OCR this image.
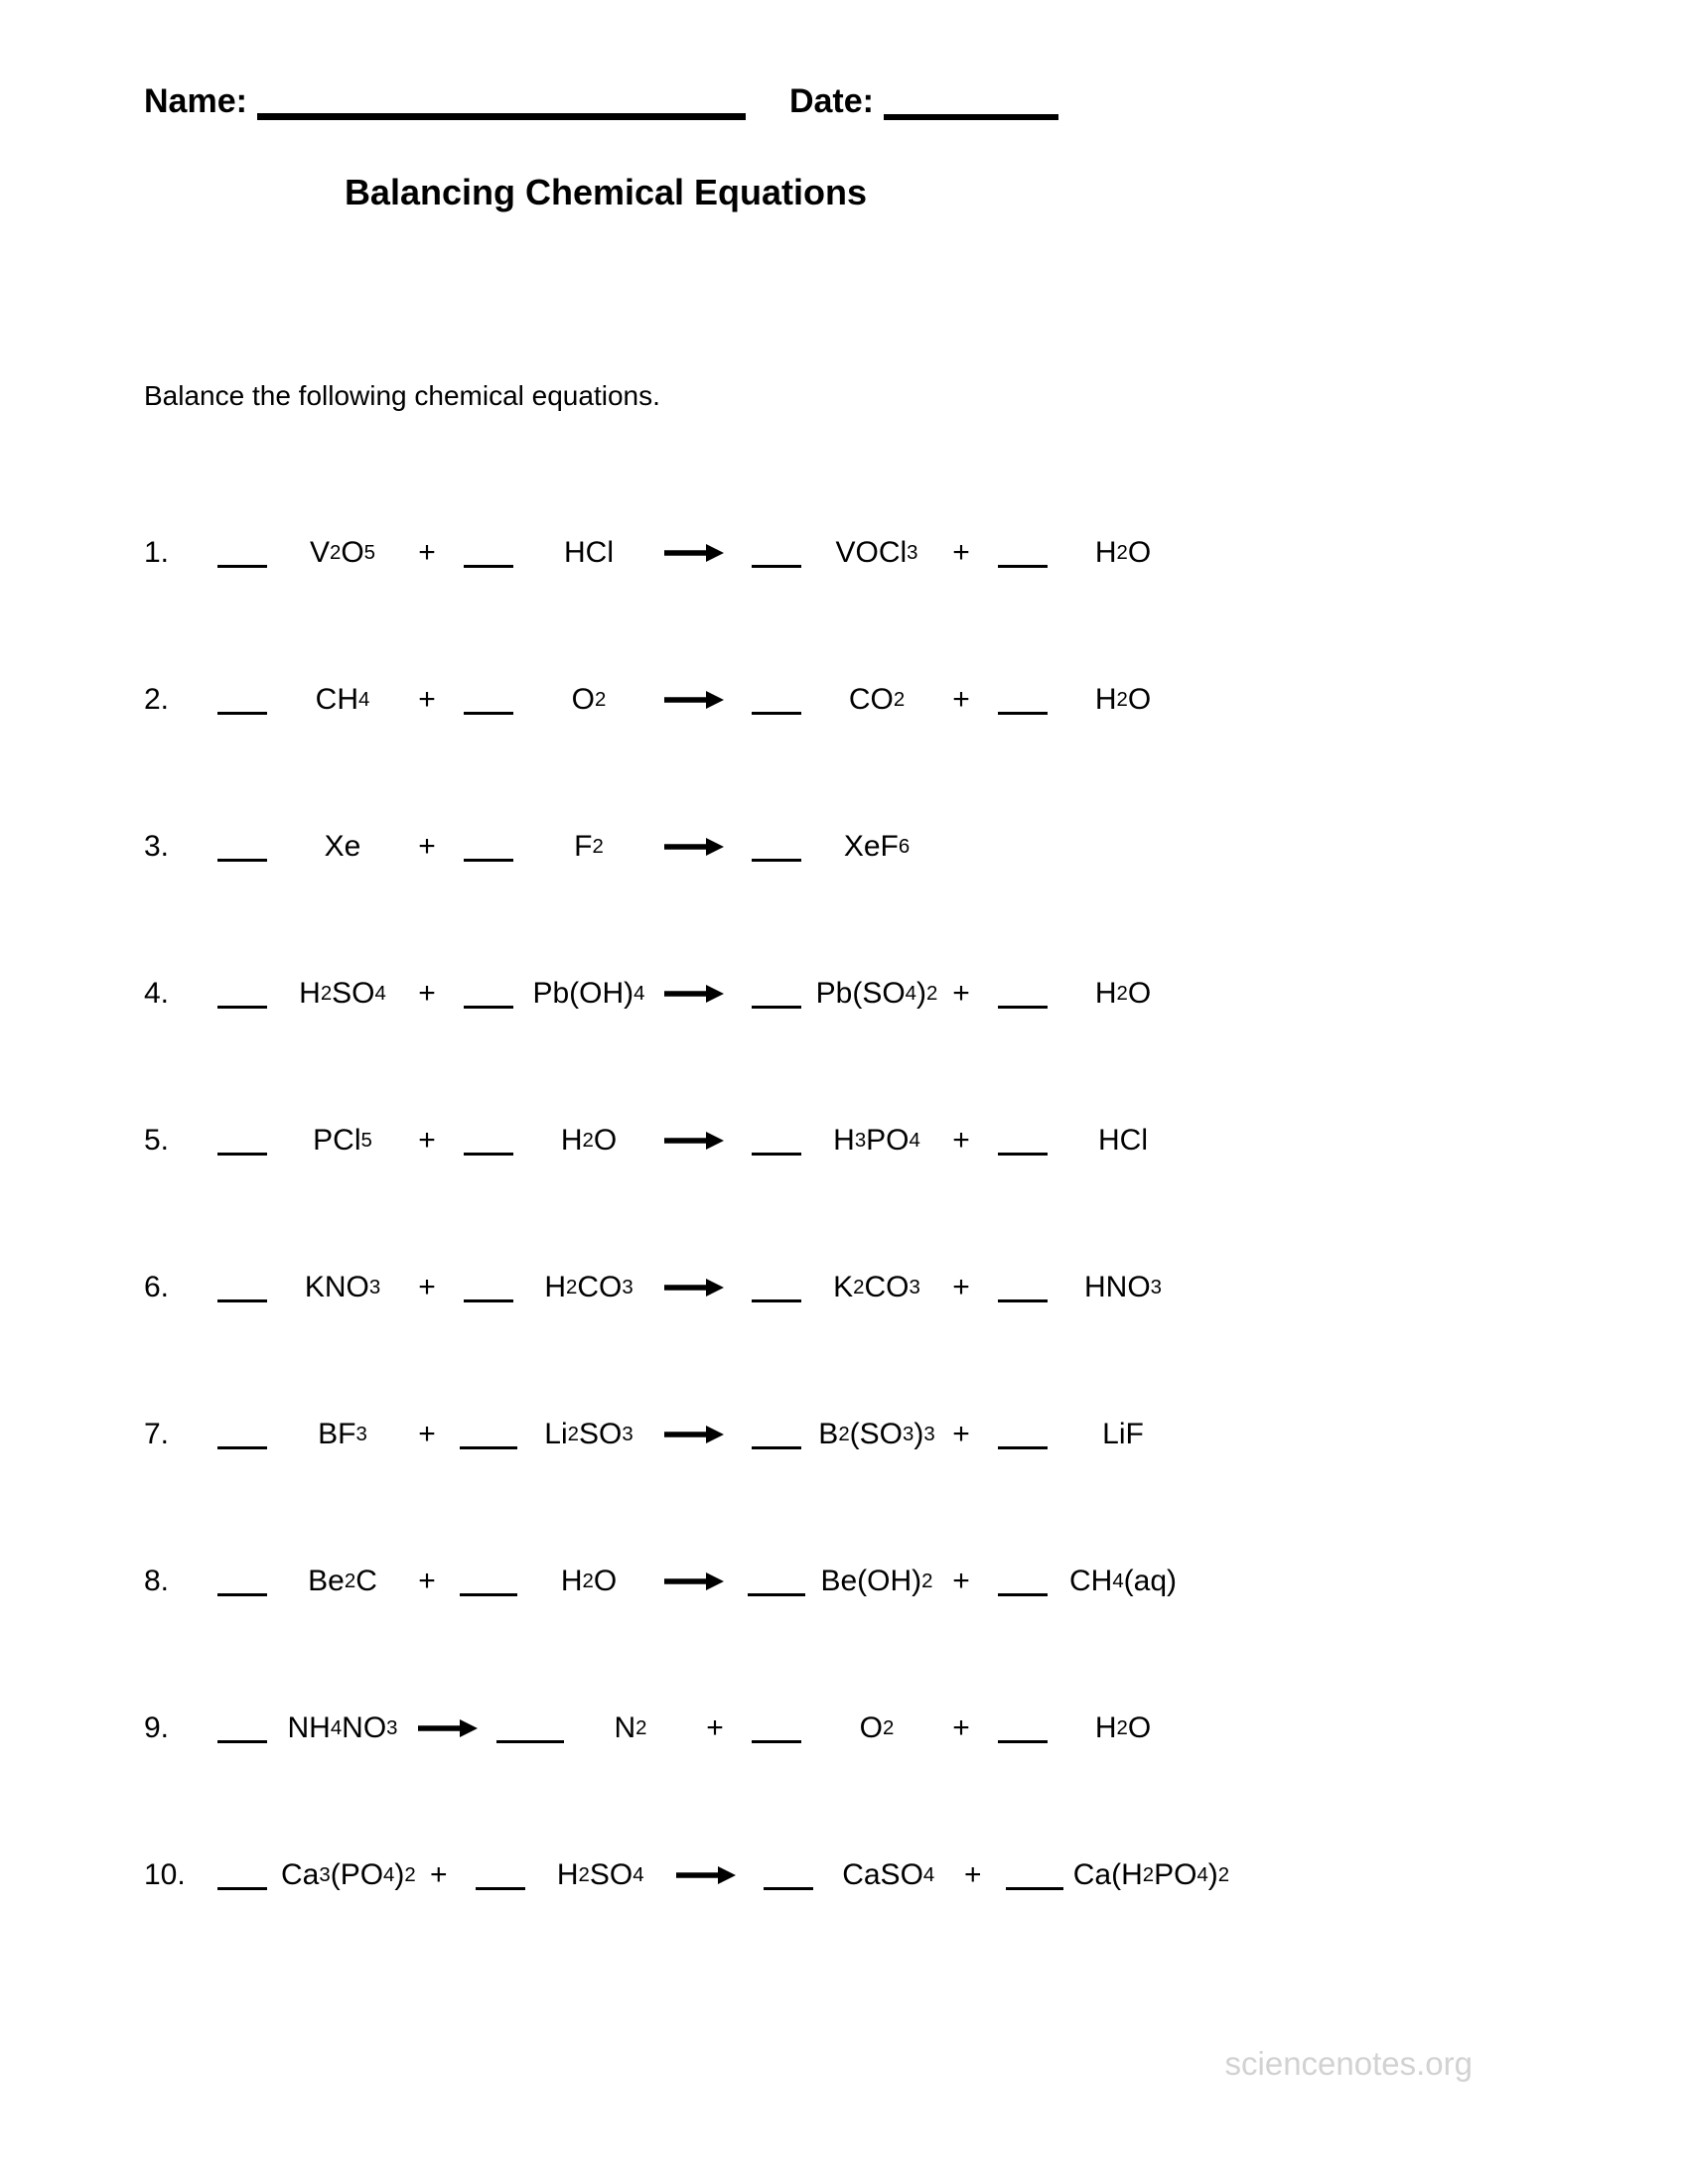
Name:	Date:
Balancing Chemical Equations
Balance the following chemical equations.
1.	V 2 O 5	+	HCl →	VOCl 3	+	H 2 O
2.	CH 4	+	O 2 →	CO 2	+	H 2 O
3.	Xe	+	F 2	XeF 6
4.	H 2 SO 4	+	Pb(OH) 4 →	Pb(SO 4 ) 2 +	H 2 O
5.	PCl 5	+	H 2 O →	H 3 PO 4	+	HCl
6.	KNO 3	+	H 2 CO 3 →	K 2 CO 3	+	HNO 3
7.	BF 3	+	Li 2 SO 3 →	B 2 (SO 3 ) 3 +	LiF
8.	Be 2 C	+	H 2 O →	Be(OH) 2 +	CH 4 (aq)
9.	NH 4 NO 3 →	N 2	+	O 2	+	H 2 O
10.	Ca 3 (PO 4 ) 2 +	H 2 SO 4 →	CaSO 4 +	Ca(H 2 PO 4 ) 2
sciencenotes.org
